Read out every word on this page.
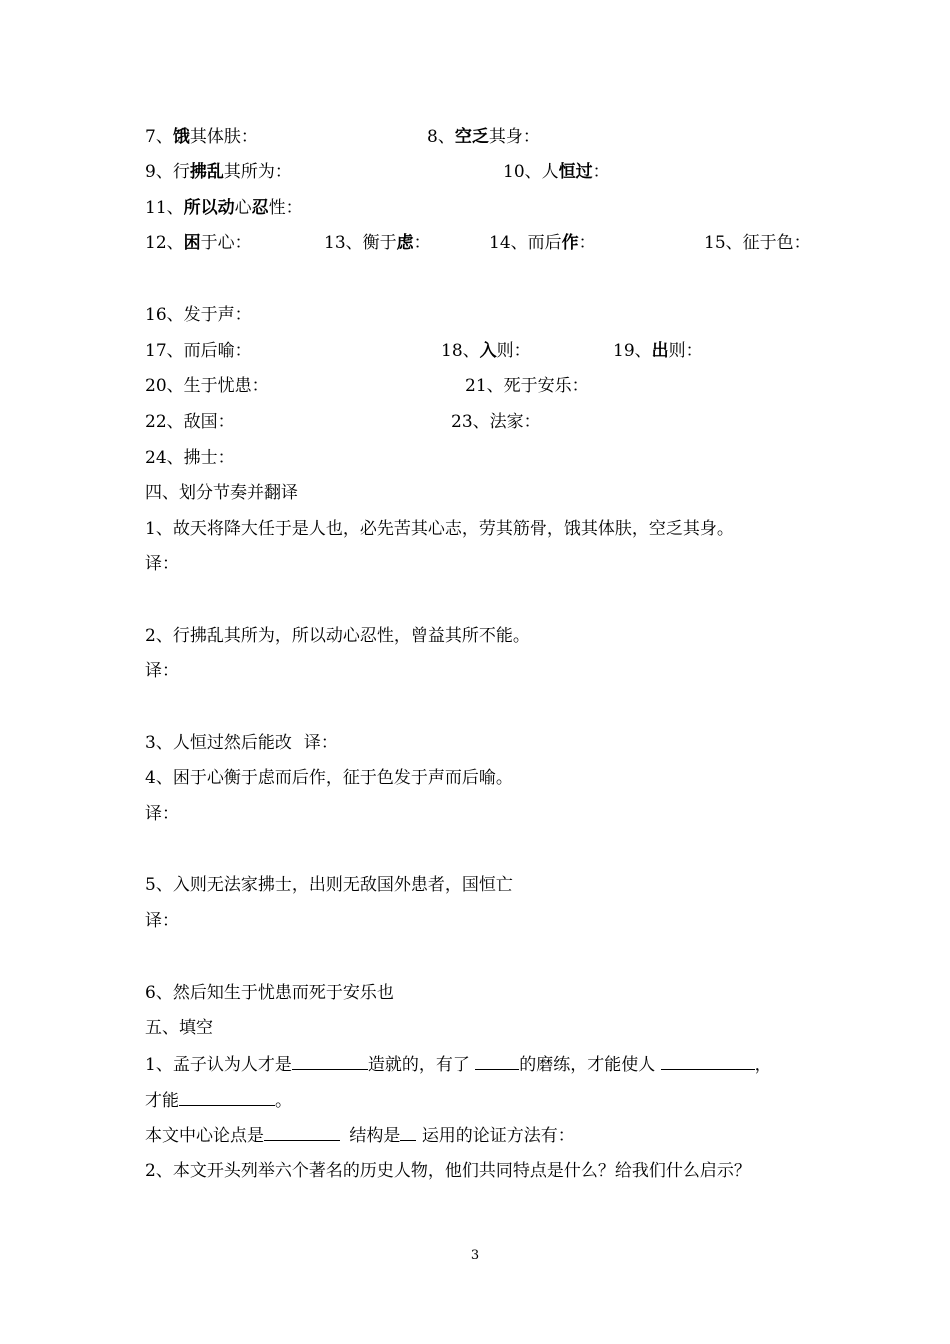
7、饿其体肤：	8、空乏其身：
9、行拂乱其所为：	10、人恒过：
11、所以动心忍性：
12、困于心：	13、衡于虑：	14、而后作：	15、征于色：
16、发于声：
17、而后喻：	18、入则：	19、出则：
20、生于忧患：	21、死于安乐：
22、敌国：	23、法家：
24、拂士：
四、划分节奏并翻译
1、故天将降大任于是人也，必先苦其心志，劳其筋骨，饿其体肤，空乏其身。
译：
2、行拂乱其所为，所以动心忍性，曾益其所不能。
译：
3、人恒过然后能改 译：
4、困于心衡于虑而后作，征于色发于声而后喻。
译：
5、入则无法家拂士，出则无敌国外患者，国恒亡
译：
6、然后知生于忧患而死于安乐也
五、填空
1、孟子认为人才是	造就的，有了	的磨练，才能使人	，
才能	。
本文中心论点是	结构是 运用的论证方法有：
2、本文开头列举六个著名的历史人物，他们共同特点是什么？给我们什么启示？
3
